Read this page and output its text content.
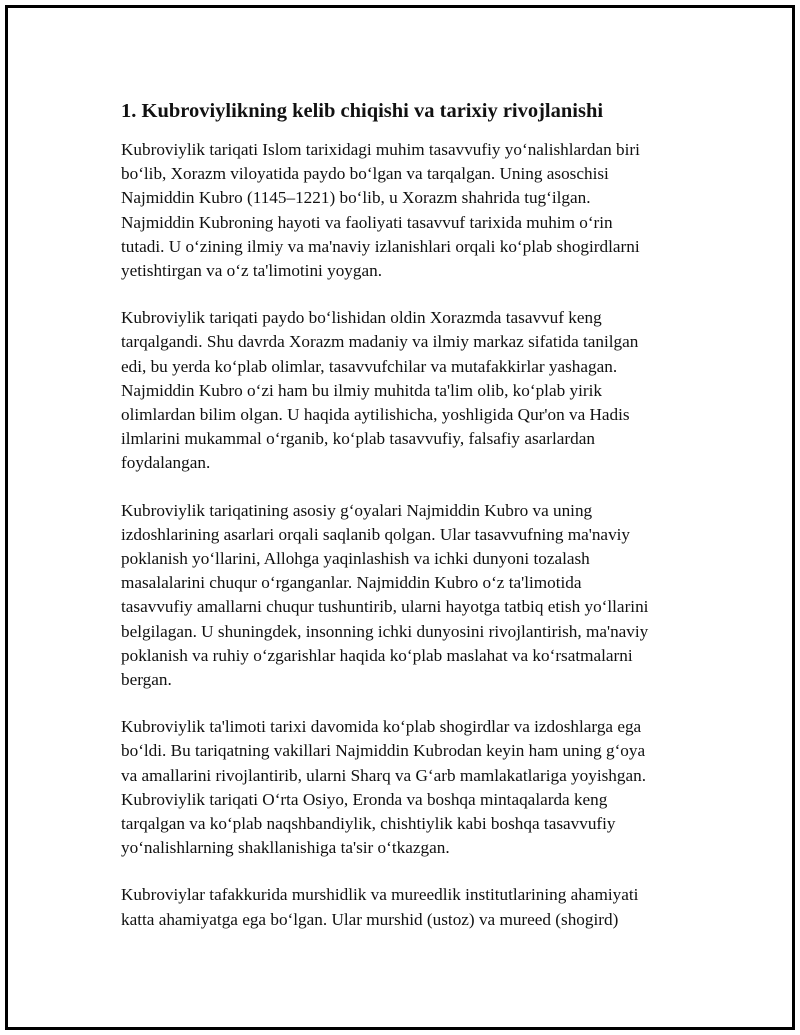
1. Kubroviylikning kelib chiqishi va tarixiy rivojlanishi

Kubroviylik tariqati Islom tarixidagi muhim tasavvufiy yo‘nalishlardan biri
bo‘lib, Xorazm viloyatida paydo bo‘lgan va tarqalgan. Uning asoschisi
Najmiddin Kubro (1145–1221) bo‘lib, u Xorazm shahrida tug‘ilgan.
Najmiddin Kubroning hayoti va faoliyati tasavvuf tarixida muhim o‘rin
tutadi. U o‘zining ilmiy va ma'naviy izlanishlari orqali ko‘plab shogirdlarni
yetishtirgan va o‘z ta'limotini yoygan.

Kubroviylik tariqati paydo bo‘lishidan oldin Xorazmda tasavvuf keng
tarqalgandi. Shu davrda Xorazm madaniy va ilmiy markaz sifatida tanilgan
edi, bu yerda ko‘plab olimlar, tasavvufchilar va mutafakkirlar yashagan.
Najmiddin Kubro o‘zi ham bu ilmiy muhitda ta'lim olib, ko‘plab yirik
olimlardan bilim olgan. U haqida aytilishicha, yoshligida Qur'on va Hadis
ilmlarini mukammal o‘rganib, ko‘plab tasavvufiy, falsafiy asarlardan
foydalangan.

Kubroviylik tariqatining asosiy g‘oyalari Najmiddin Kubro va uning
izdoshlarining asarlari orqali saqlanib qolgan. Ular tasavvufning ma'naviy
poklanish yo‘llarini, Allohga yaqinlashish va ichki dunyoni tozalash
masalalarini chuqur o‘rganganlar. Najmiddin Kubro o‘z ta'limotida
tasavvufiy amallarni chuqur tushuntirib, ularni hayotga tatbiq etish yo‘llarini
belgilagan. U shuningdek, insonning ichki dunyosini rivojlantirish, ma'naviy
poklanish va ruhiy o‘zgarishlar haqida ko‘plab maslahat va ko‘rsatmalarni
bergan.

Kubroviylik ta'limoti tarixi davomida ko‘plab shogirdlar va izdoshlarga ega
bo‘ldi. Bu tariqatning vakillari Najmiddin Kubrodan keyin ham uning g‘oya
va amallarini rivojlantirib, ularni Sharq va G‘arb mamlakatlariga yoyishgan.
Kubroviylik tariqati O‘rta Osiyo, Eronda va boshqa mintaqalarda keng
tarqalgan va ko‘plab naqshbandiylik, chishtiylik kabi boshqa tasavvufiy
yo‘nalishlarning shakllanishiga ta'sir o‘tkazgan.

Kubroviylar tafakkurida murshidlik va mureedlik institutlarining ahamiyati
katta ahamiyatga ega bo‘lgan. Ular murshid (ustoz) va mureed (shogird)
